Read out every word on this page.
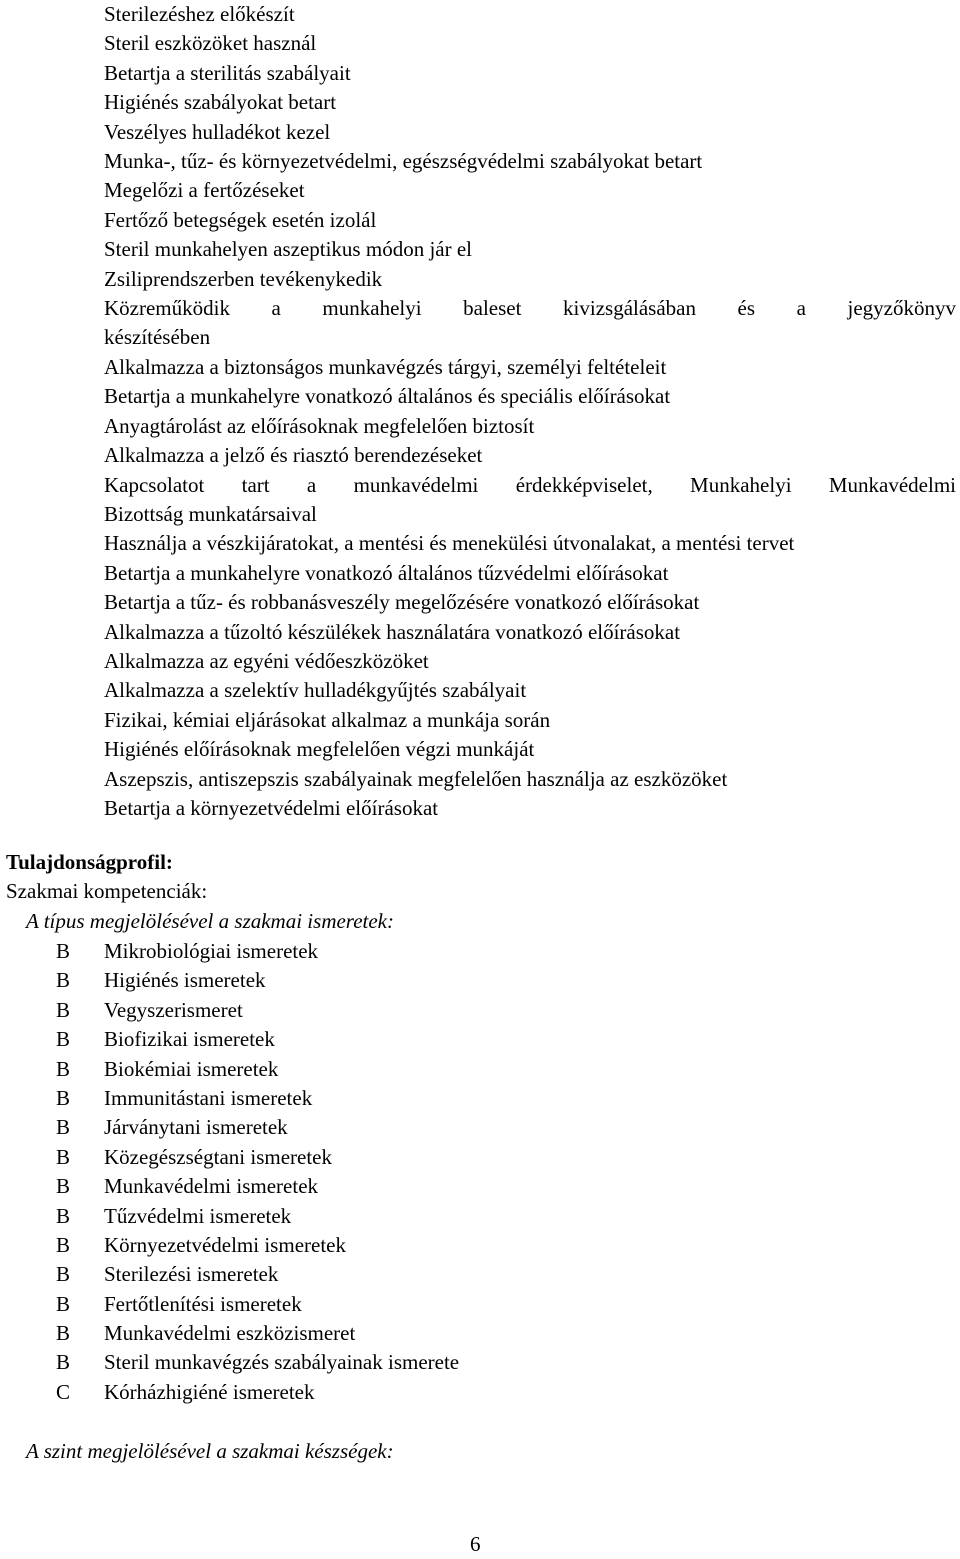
Sterilezéshez előkészít
Steril eszközöket használ
Betartja a sterilitás szabályait
Higiénés szabályokat betart
Veszélyes hulladékot kezel
Munka-, tűz- és környezetvédelmi, egészségvédelmi szabályokat betart
Megelőzi a fertőzéseket
Fertőző betegségek esetén izolál
Steril munkahelyen aszeptikus módon jár el
Zsiliprendszerben tevékenykedik
Közreműködik a munkahelyi baleset kivizsgálásában és a jegyzőkönyv
készítésében
Alkalmazza a biztonságos munkavégzés tárgyi, személyi feltételeit
Betartja a munkahelyre vonatkozó általános és speciális előírásokat
Anyagtárolást az előírásoknak megfelelően biztosít
Alkalmazza a jelző és riasztó berendezéseket
Kapcsolatot tart a munkavédelmi érdekképviselet, Munkahelyi Munkavédelmi
Bizottság munkatársaival
Használja a vészkijáratokat, a mentési és menekülési útvonalakat, a mentési tervet
Betartja a munkahelyre vonatkozó általános tűzvédelmi előírásokat
Betartja a tűz- és robbanásveszély megelőzésére vonatkozó előírásokat
Alkalmazza a tűzoltó készülékek használatára vonatkozó előírásokat
Alkalmazza az egyéni védőeszközöket
Alkalmazza a szelektív hulladékgyűjtés szabályait
Fizikai, kémiai eljárásokat alkalmaz a munkája során
Higiénés előírásoknak megfelelően végzi munkáját
Aszepszis, antiszepszis szabályainak megfelelően használja az eszközöket
Betartja a környezetvédelmi előírásokat
Tulajdonságprofil:
Szakmai kompetenciák:
A típus megjelölésével a szakmai ismeretek:
B Mikrobiológiai ismeretek
B Higiénés ismeretek
B Vegyszerismeret
B Biofizikai ismeretek
B Biokémiai ismeretek
B Immunitástani ismeretek
B Járványtani ismeretek
B Közegészségtani ismeretek
B Munkavédelmi ismeretek
B Tűzvédelmi ismeretek
B Környezetvédelmi ismeretek
B Sterilezési ismeretek
B Fertőtlenítési ismeretek
B Munkavédelmi eszközismeret
B Steril munkavégzés szabályainak ismerete
C Kórházhigiéné ismeretek
A szint megjelölésével a szakmai készségek:
6
